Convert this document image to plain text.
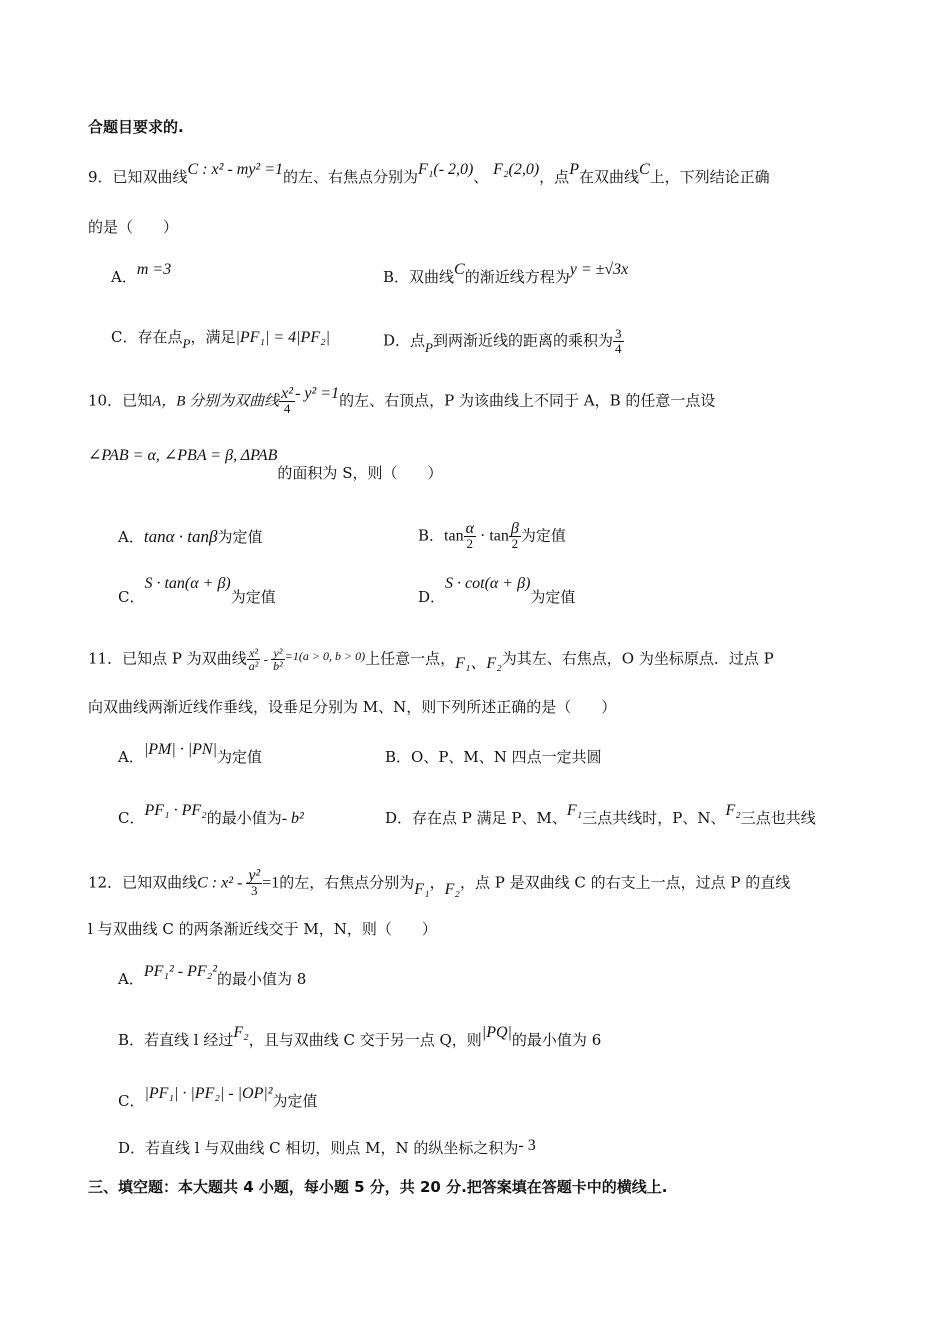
合题目要求的.
9．已知双曲线C : x² - my² =1的左、右焦点分别为F₁(- 2,0)、 F₂(2,0)，点P在双曲线C上，下列结论正确
的是（　　）
A．m =3	B．双曲线C的渐近线方程为y = ±√3x
C．存在点P，满足|PF₁| = 4|PF₂|	D．点P到两渐近线的距离的乘积为 $\frac{3}{4}$
10．已知A，B 分别为双曲线 $\frac{\text{x²}}{4} - y^2 =1$的左、右顶点，P 为该曲线上不同于 A，B 的任意一点设
∠PAB = α, ∠PBA = β, ΔPAB的面积为 S，则（　　）
A．tanα · tanβ为定值	B．$\tan \frac{\alpha}{2} \cdot \tan \frac{\beta}{2}$ 为定值
C．S · tan(α + β)为定值	D．S · cot(α + β)为定值
11．已知点 P 为双曲线 $\frac{\text{x²}}{\text{a²}} - \frac{\text{y²}}{\text{b²}} ^{=1(a > 0, b > 0)}$上任意一点，F₁、F₂为其左、右焦点，O 为坐标原点．过点 P
向双曲线两渐近线作垂线，设垂足分别为 M、N，则下列所述正确的是（　　）
A．|PM| · |PN|为定值	B．O、P、M、N 四点一定共圆
C．PF₁ · PF₂的最小值为- b²	D．存在点 P 满足 P、M、F₁三点共线时，P、N、F₂三点也共线
12．已知双曲线C : $x^2 - \frac{\text{y²}}{3} =1$的左，右焦点分别为F₁，F₂，点 P 是双曲线 C 的右支上一点，过点 P 的直线
l 与双曲线 C 的两条渐近线交于 M，N，则（　　）
A．PF₁² - PF₂²的最小值为 8
B．若直线 l 经过F₂，且与双曲线 C 交于另一点 Q，则|PQ|的最小值为 6
C．|PF₁| · |PF₂| - |OP|²为定值
D．若直线 l 与双曲线 C 相切，则点 M，N 的纵坐标之积为- 3
三、填空题：本大题共 4 小题，每小题 5 分，共 20 分.把答案填在答题卡中的横线上.
